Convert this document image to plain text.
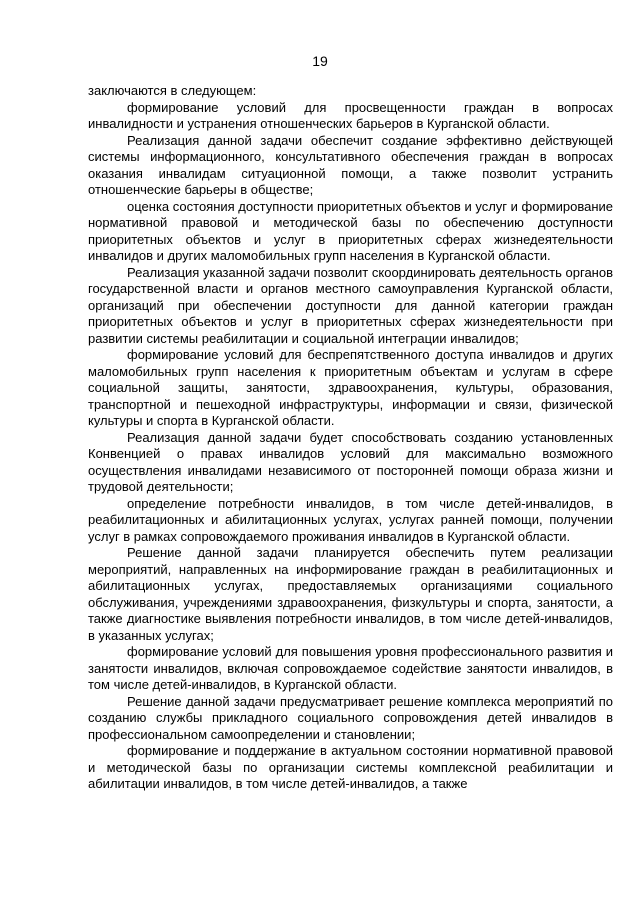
19

заключаются в следующем:

формирование условий для просвещенности граждан в вопросах инвалидности и устранения отношенческих барьеров в Курганской области.

Реализация данной задачи обеспечит создание эффективно действующей системы информационного, консультативного обеспечения граждан в вопросах оказания инвалидам ситуационной помощи, а также позволит устранить отношенческие барьеры в обществе;

оценка состояния доступности приоритетных объектов и услуг и формирование нормативной правовой и методической базы по обеспечению доступности приоритетных объектов и услуг в приоритетных сферах жизнедеятельности инвалидов и других маломобильных групп населения в Курганской области.

Реализация указанной задачи позволит скоординировать деятельность органов государственной власти и органов местного самоуправления Курганской области, организаций при обеспечении доступности для данной категории граждан приоритетных объектов и услуг в приоритетных сферах жизнедеятельности при развитии системы реабилитации и социальной интеграции инвалидов;

формирование условий для беспрепятственного доступа инвалидов и других маломобильных групп населения к приоритетным объектам и услугам в сфере социальной защиты, занятости, здравоохранения, культуры, образования, транспортной и пешеходной инфраструктуры, информации и связи, физической культуры и спорта в Курганской области.

Реализация данной задачи будет способствовать созданию установленных Конвенцией о правах инвалидов условий для максимально возможного осуществления инвалидами независимого от посторонней помощи образа жизни и трудовой деятельности;

определение потребности инвалидов, в том числе детей-инвалидов, в реабилитационных и абилитационных услугах, услугах ранней помощи, получении услуг в рамках сопровождаемого проживания инвалидов в Курганской области.

Решение данной задачи планируется обеспечить путем реализации мероприятий, направленных на информирование граждан в реабилитационных и абилитационных услугах, предоставляемых организациями социального обслуживания, учреждениями здравоохранения, физкультуры и спорта, занятости, а также диагностике выявления потребности инвалидов, в том числе детей-инвалидов, в указанных услугах;

формирование условий для повышения уровня профессионального развития и занятости инвалидов, включая сопровождаемое содействие занятости инвалидов, в том числе детей-инвалидов, в Курганской области.

Решение данной задачи предусматривает решение комплекса мероприятий по созданию службы прикладного социального сопровождения детей инвалидов в профессиональном самоопределении и становлении;

формирование и поддержание в актуальном состоянии нормативной правовой и методической базы по организации системы комплексной реабилитации и абилитации инвалидов, в том числе детей-инвалидов, а также
